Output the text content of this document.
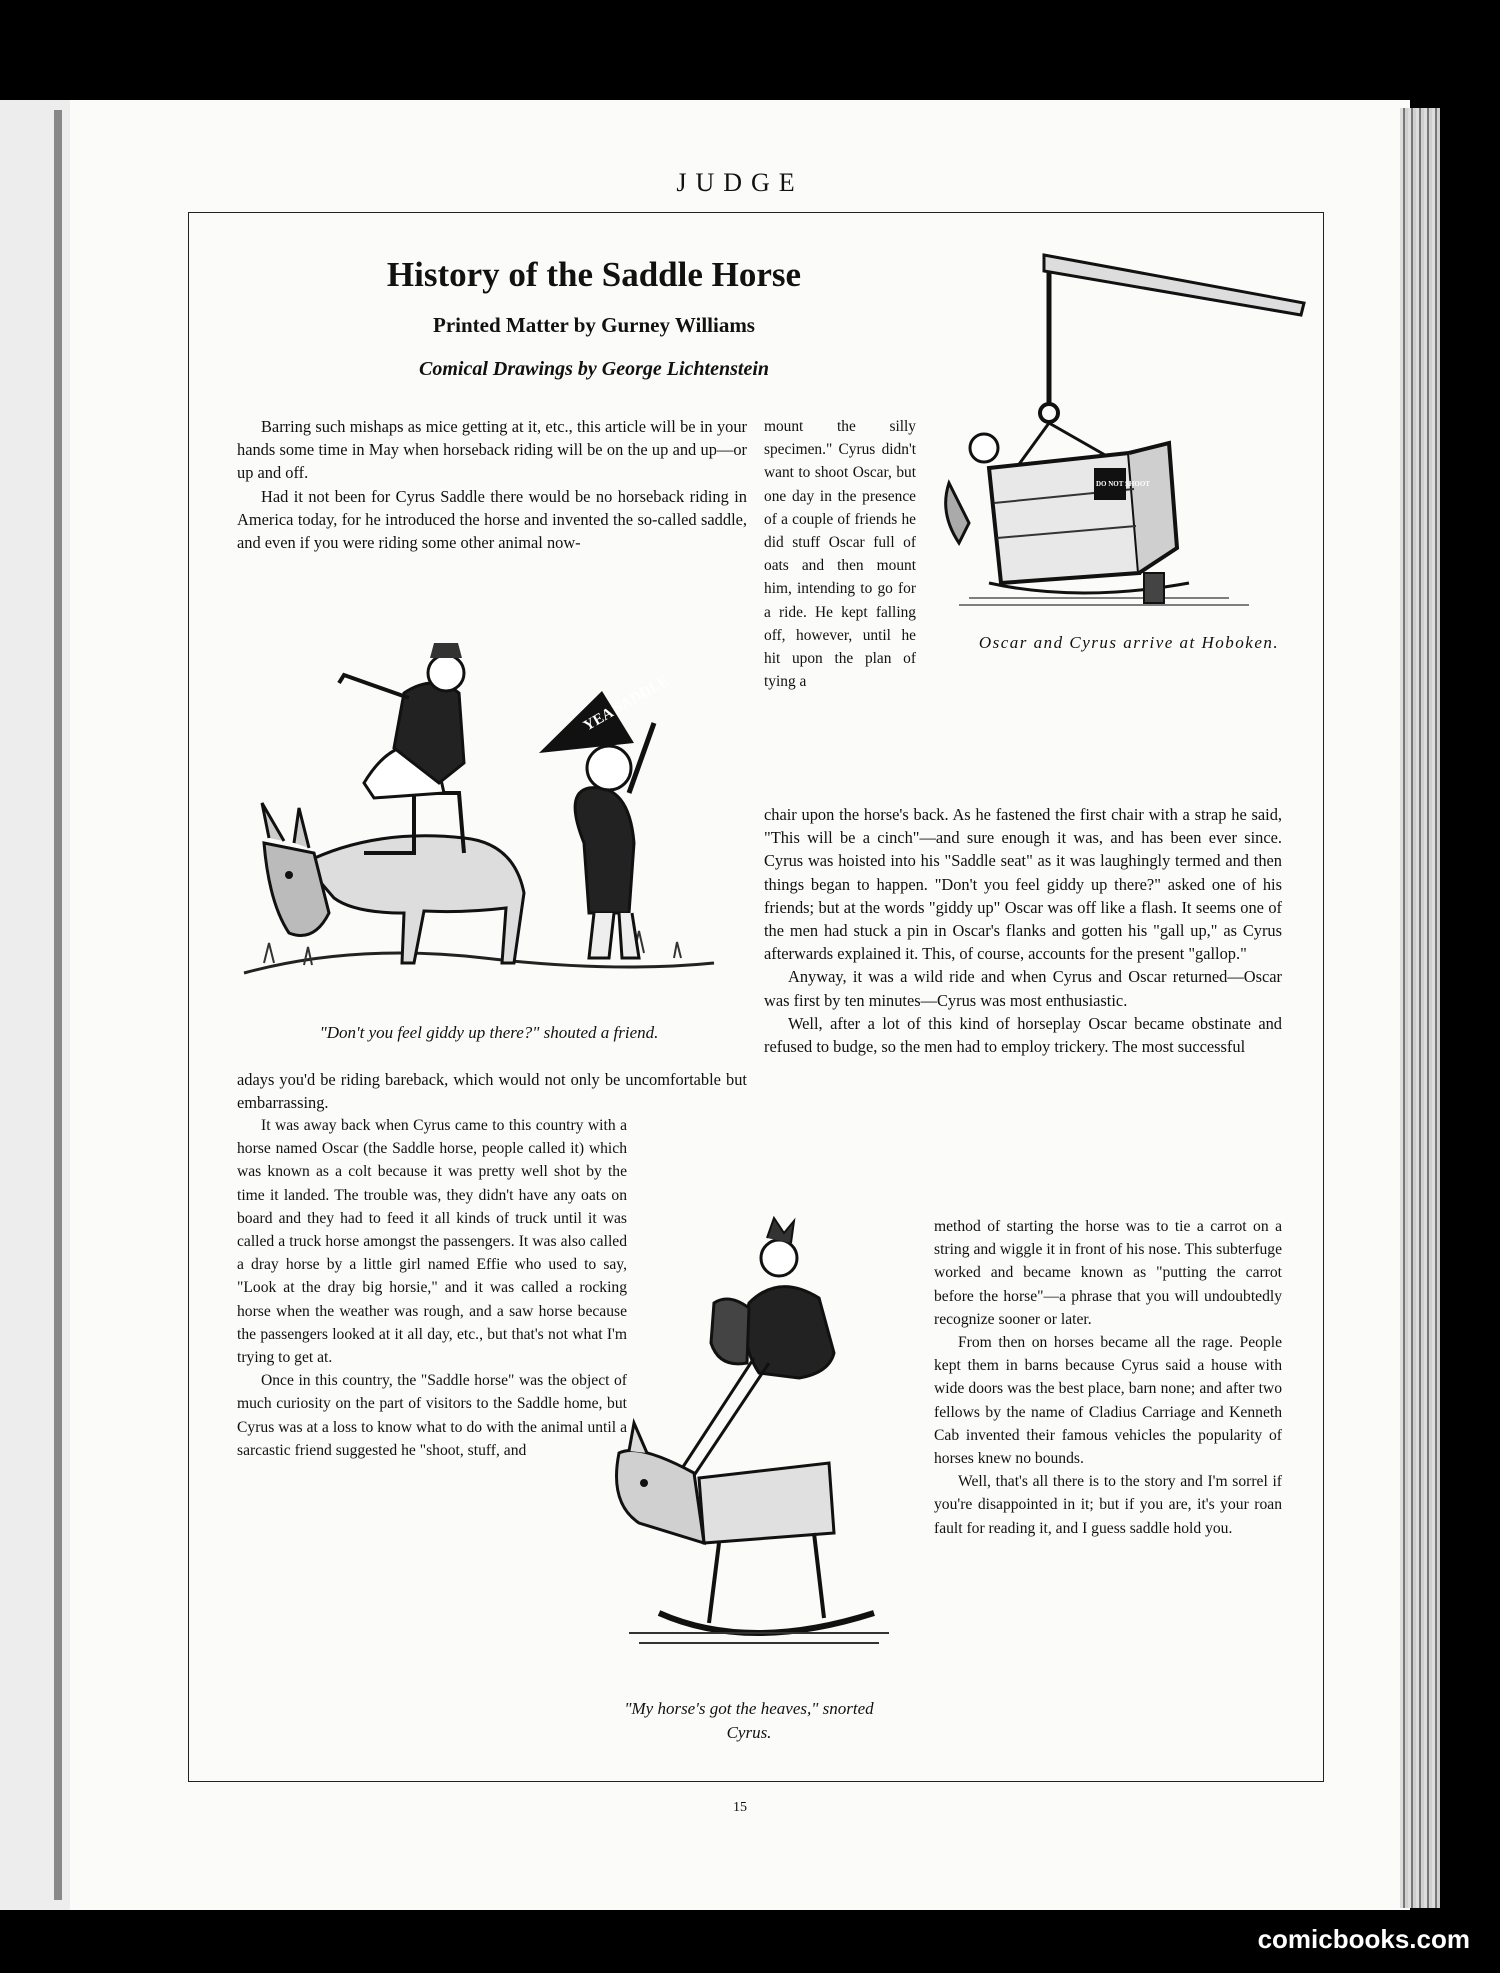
JUDGE
History of the Saddle Horse
Printed Matter by Gurney Williams
Comical Drawings by George Lichtenstein

Barring such mishaps as mice getting at it, etc., this article will be in your hands some time in May when horseback riding will be on the up and up—or up and off.

Had it not been for Cyrus Saddle there would be no horseback riding in America today, for he introduced the horse and invented the so-called saddle, and even if you were riding some other animal now-

YEA SADDLE
"Don't you feel giddy up there?" shouted a friend.

adays you'd be riding bareback, which would not only be uncomfortable but embarrassing.

It was away back when Cyrus came to this country with a horse named Oscar (the Saddle horse, people called it) which was known as a colt because it was pretty well shot by the time it landed. The trouble was, they didn't have any oats on board and they had to feed it all kinds of truck until it was called a truck horse amongst the passengers. It was also called a dray horse by a little girl named Effie who used to say, "Look at the dray big horsie," and it was called a rocking horse when the weather was rough, and a saw horse because the passengers looked at it all day, etc., but that's not what I'm trying to get at.

Once in this country, the "Saddle horse" was the object of much curiosity on the part of visitors to the Saddle home, but Cyrus was at a loss to know what to do with the animal until a sarcastic friend suggested he "shoot, stuff, and

mount the silly specimen." Cyrus didn't want to shoot Oscar, but one day in the presence of a couple of friends he did stuff Oscar full of oats and then mount him, intending to go for a ride. He kept falling off, however, until he hit upon the plan of tying a

DO NOT SHOOT
Oscar and Cyrus arrive at Hoboken.

chair upon the horse's back. As he fastened the first chair with a strap he said, "This will be a cinch"—and sure enough it was, and has been ever since. Cyrus was hoisted into his "Saddle seat" as it was laughingly termed and then things began to happen. "Don't you feel giddy up there?" asked one of his friends; but at the words "giddy up" Oscar was off like a flash. It seems one of the men had stuck a pin in Oscar's flanks and gotten his "gall up," as Cyrus afterwards explained it. This, of course, accounts for the present "gallop."

Anyway, it was a wild ride and when Cyrus and Oscar returned—Oscar was first by ten minutes—Cyrus was most enthusiastic.

Well, after a lot of this kind of horseplay Oscar became obstinate and refused to budge, so the men had to employ trickery. The most successful

"My horse's got the heaves," snorted Cyrus.

method of starting the horse was to tie a carrot on a string and wiggle it in front of his nose. This subterfuge worked and became known as "putting the carrot before the horse"—a phrase that you will undoubtedly recognize sooner or later.

From then on horses became all the rage. People kept them in barns because Cyrus said a house with wide doors was the best place, barn none; and after two fellows by the name of Cladius Carriage and Kenneth Cab invented their famous vehicles the popularity of horses knew no bounds.

Well, that's all there is to the story and I'm sorrel if you're disappointed in it; but if you are, it's your roan fault for reading it, and I guess saddle hold you.

15
comicbooks.com
